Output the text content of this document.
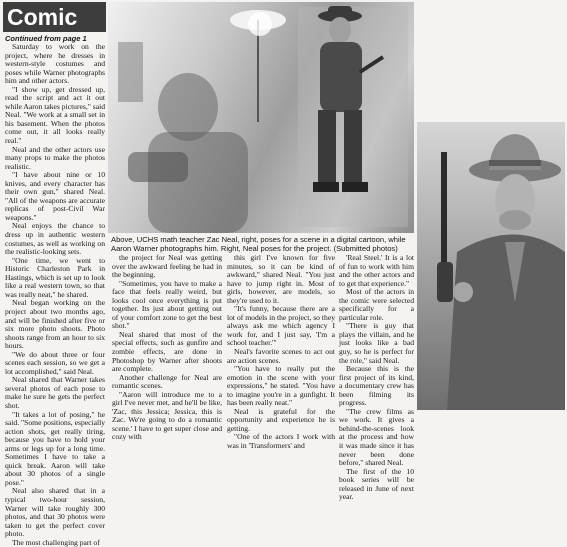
Comic
Continued from page 1

Saturday to work on the project, where he dresses in western-style costumes and poses while Warner photographs him and other actors.

"I show up, get dressed up, read the script and act it out while Aaron takes pictures," said Neal. "We work at a small set in his basement. When the photos come out, it all looks really real."

Neal and the other actors use many props to make the photos realistic.

"I have about nine or 10 knives, and every character has their own gun," shared Neal. "All of the weapons are accurate replicas of post-Civil War weapons."

Neal enjoys the chance to dress up in authentic western costumes, as well as working on the realistic-looking sets.

"One time, we went to Historic Charleston Park in Hastings, which is set up to look like a real western town, so that was really neat," he shared.

Neal began working on the project about two months ago, and will be finished after five or six more photo shoots. Photo shoots range from an hour to six hours.

"We do about three or four scenes each session, so we get a lot accomplished," said Neal.

Neal shared that Warner takes several photos of each pose to make he sure he gets the perfect shot.

"It takes a lot of posing," he said. "Some positions, especially action shots, get really tiring, because you have to hold your arms or legs up for a long time. Sometimes I have to take a quick break. Aaron will take about 30 photos of a single pose."

Neal also shared that in a typical two-hour session, Warner will take roughly 300 photos, and that 30 photos were taken to get the perfect cover photo.

The most challenging part of

Above, UCHS math teacher Zac Neal, right, poses for a scene in a digital cartoon, while Aaron Warner photographs him. Right, Neal poses for the project. (Submitted photos)

the project for Neal was getting over the awkward feeling he had in the beginning.

"Sometimes, you have to make a face that feels really weird, but looks cool once everything is put together. Its just about getting out of your comfort zone to get the best shot."

Neal shared that most of the special effects, such as gunfire and zombie effects, are done in Photoshop by Warner after shoots are complete.

Another challenge for Neal are romantic scenes.

"Aaron will introduce me to a girl I've never met, and he'll be like, 'Zac, this Jessica; Jessica, this is Zac. We're going to do a romantic scene.' I have to get super close and cozy with

this girl I've known for five minutes, so it can be kind of awkward," shared Neal. "You just have to jump right in. Most of girls, however, are models, so they're used to it.

"It's funny, because there are a lot of models in the project, so they always ask me which agency I work for, and I just say, 'I'm a school teacher.'"

Neal's favorite scenes to act out are action scenes.

"You have to really put the emotion in the scene with your expressions," he stated. "You have to imagine you're in a gunfight. It has been really neat."

Neal is grateful for the opportunity and experience he is getting.

"One of the actors I work with was in 'Transformers' and

'Real Steel.' It is a lot of fun to work with him and the other actors and to get that experience."

Most of the actors in the comic were selected specifically for a particular role.

"There is guy that plays the villain, and he just looks like a bad guy, so he is perfect for the role," said Neal.

Because this is the first project of its kind, a documentary crew has been filming its progress.

"The crew films as we work. It gives a behind-the-scenes look at the process and how it was made since it has never been done before," shared Neal.

The first of the 10 book series will be released in June of next year.
